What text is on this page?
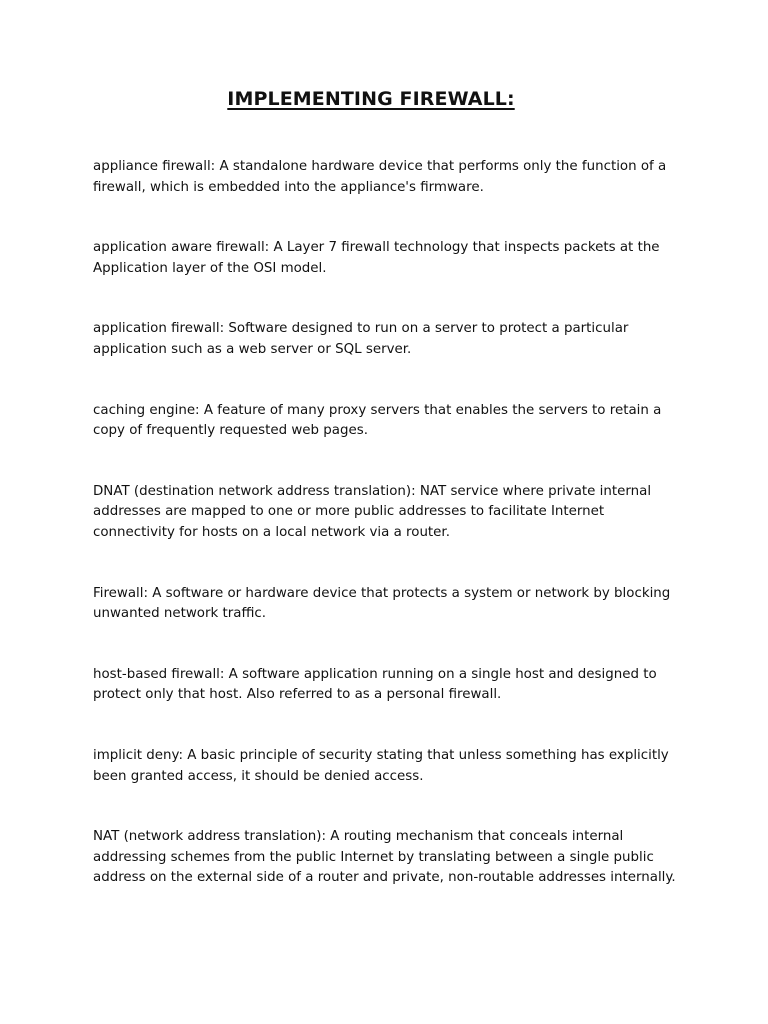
IMPLEMENTING FIREWALL:

appliance firewall: A standalone hardware device that performs only the function of a firewall, which is embedded into the appliance's firmware.

application aware firewall: A Layer 7 firewall technology that inspects packets at the Application layer of the OSI model.

application firewall: Software designed to run on a server to protect a particular application such as a web server or SQL server.

caching engine: A feature of many proxy servers that enables the servers to retain a copy of frequently requested web pages.

DNAT (destination network address translation): NAT service where private internal addresses are mapped to one or more public addresses to facilitate Internet connectivity for hosts on a local network via a router.

Firewall: A software or hardware device that protects a system or network by blocking unwanted network traffic.

host-based firewall: A software application running on a single host and designed to protect only that host. Also referred to as a personal firewall.

implicit deny: A basic principle of security stating that unless something has explicitly been granted access, it should be denied access.

NAT (network address translation): A routing mechanism that conceals internal addressing schemes from the public Internet by translating between a single public address on the external side of a router and private, non-routable addresses internally.
